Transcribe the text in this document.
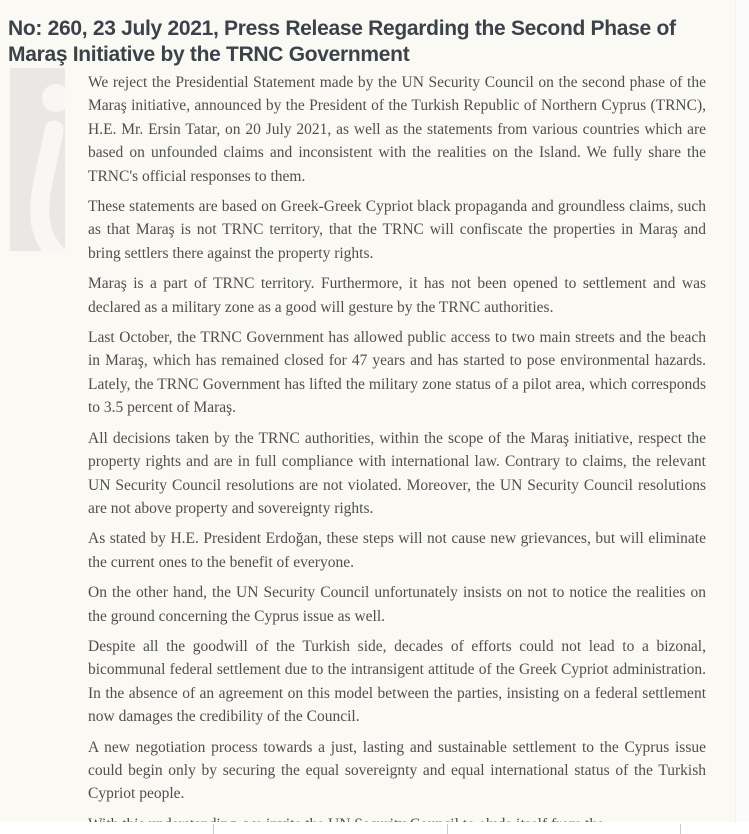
No: 260, 23 July 2021, Press Release Regarding the Second Phase of Maraş Initiative by the TRNC Government

We reject the Presidential Statement made by the UN Security Council on the second phase of the Maraş initiative, announced by the President of the Turkish Republic of Northern Cyprus (TRNC), H.E. Mr. Ersin Tatar, on 20 July 2021, as well as the statements from various countries which are based on unfounded claims and inconsistent with the realities on the Island. We fully share the TRNC's official responses to them.

These statements are based on Greek-Greek Cypriot black propaganda and groundless claims, such as that Maraş is not TRNC territory, that the TRNC will confiscate the properties in Maraş and bring settlers there against the property rights.

Maraş is a part of TRNC territory. Furthermore, it has not been opened to settlement and was declared as a military zone as a good will gesture by the TRNC authorities.

Last October, the TRNC Government has allowed public access to two main streets and the beach in Maraş, which has remained closed for 47 years and has started to pose environmental hazards. Lately, the TRNC Government has lifted the military zone status of a pilot area, which corresponds to 3.5 percent of Maraş.

All decisions taken by the TRNC authorities, within the scope of the Maraş initiative, respect the property rights and are in full compliance with international law. Contrary to claims, the relevant UN Security Council resolutions are not violated. Moreover, the UN Security Council resolutions are not above property and sovereignty rights.

As stated by H.E. President Erdoğan, these steps will not cause new grievances, but will eliminate the current ones to the benefit of everyone.

On the other hand, the UN Security Council unfortunately insists on not to notice the realities on the ground concerning the Cyprus issue as well.

Despite all the goodwill of the Turkish side, decades of efforts could not lead to a bizonal, bicommunal federal settlement due to the intransigent attitude of the Greek Cypriot administration. In the absence of an agreement on this model between the parties, insisting on a federal settlement now damages the credibility of the Council.

A new negotiation process towards a just, lasting and sustainable settlement to the Cyprus issue could begin only by securing the equal sovereignty and equal international status of the Turkish Cypriot people.
